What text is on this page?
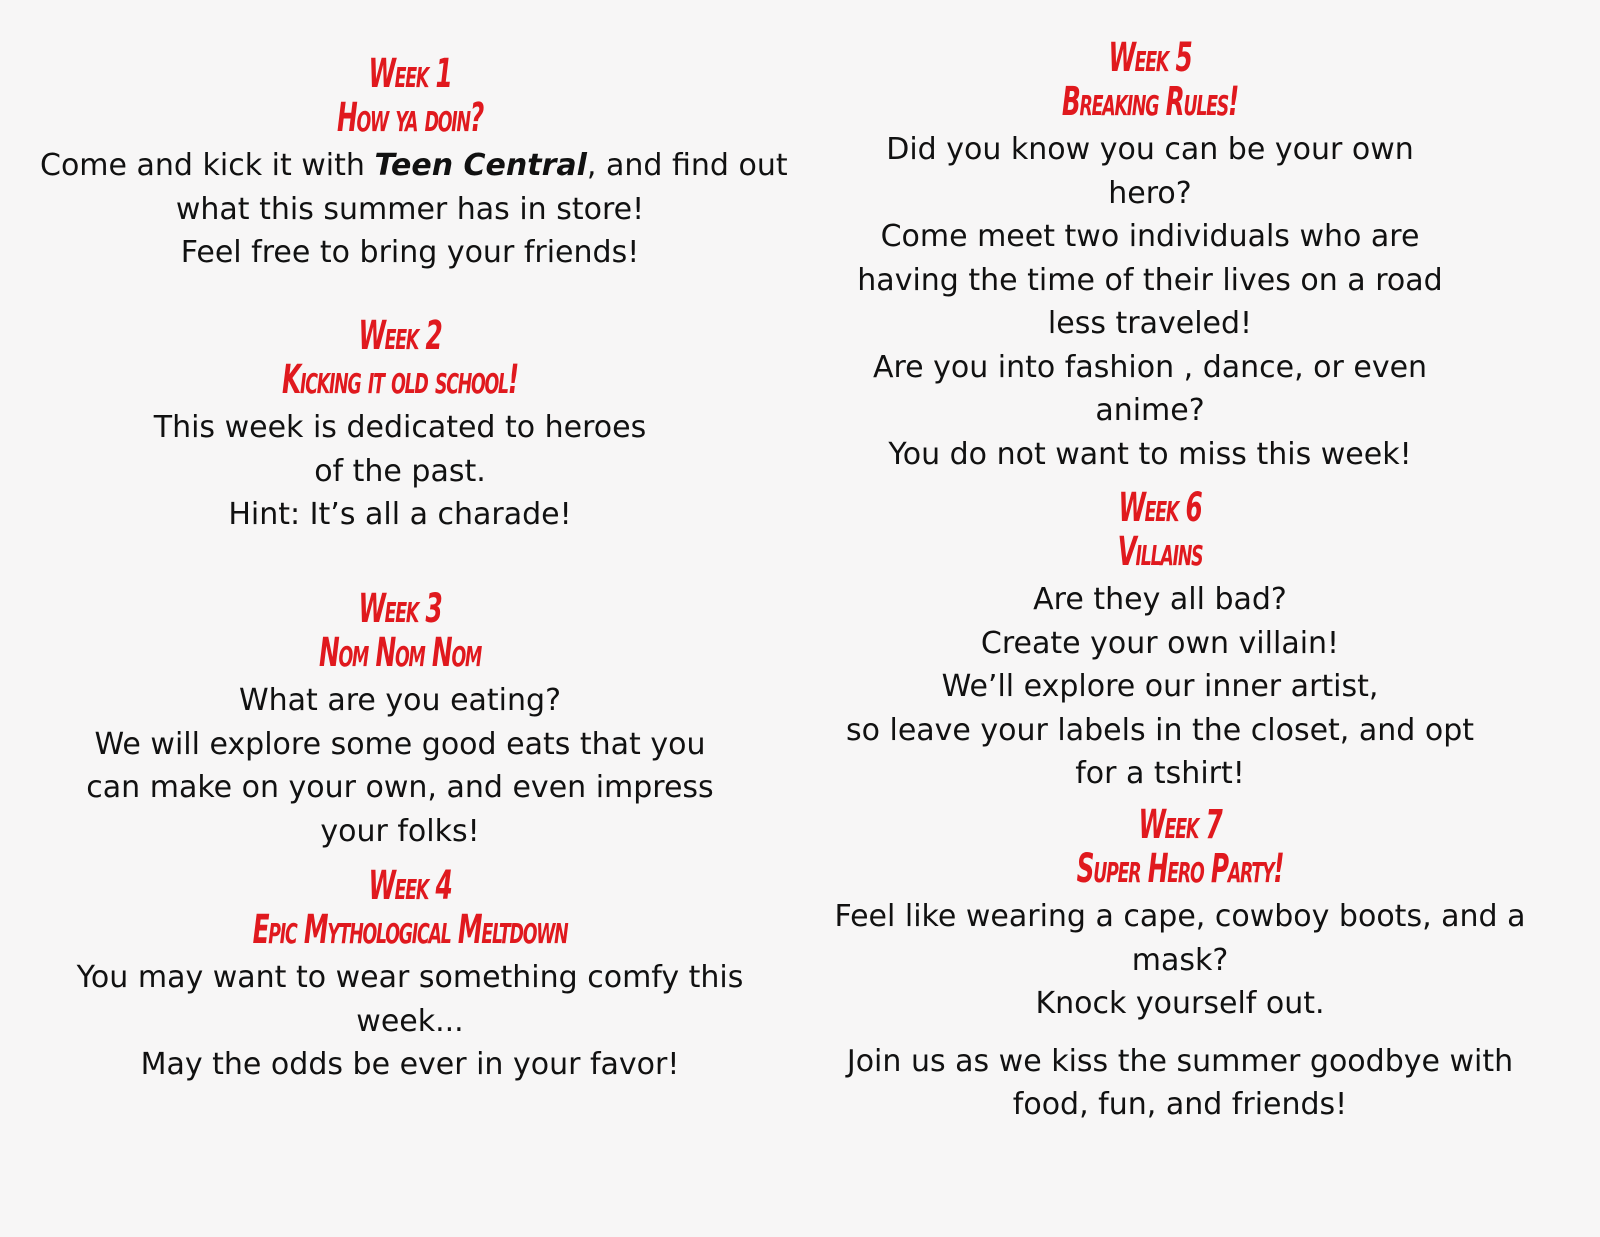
Week 1
How ya doin?
Come and kick it with Teen Central, and find out
what this summer has in store!
Feel free to bring your friends!
Week 2
Kicking it old school!
This week is dedicated to heroes
of the past.
Hint: It’s all a charade!
Week 3
Nom Nom Nom
What are you eating?
We will explore some good eats that you
can make on your own, and even impress
your folks!
Week 4
Epic Mythological Meltdown
You may want to wear something comfy this
week...
May the odds be ever in your favor!
Week 5
Breaking Rules!
Did you know you can be your own
hero?
Come meet two individuals who are
having the time of their lives on a road
less traveled!
Are you into fashion , dance, or even
anime?
You do not want to miss this week!
Week 6
Villains
Are they all bad?
Create your own villain!
We’ll explore our inner artist,
so leave your labels in the closet, and opt
for a tshirt!
Week 7
Super Hero Party!
Feel like wearing a cape, cowboy boots, and a
mask?
Knock yourself out.
Join us as we kiss the summer goodbye with
food, fun, and friends!
